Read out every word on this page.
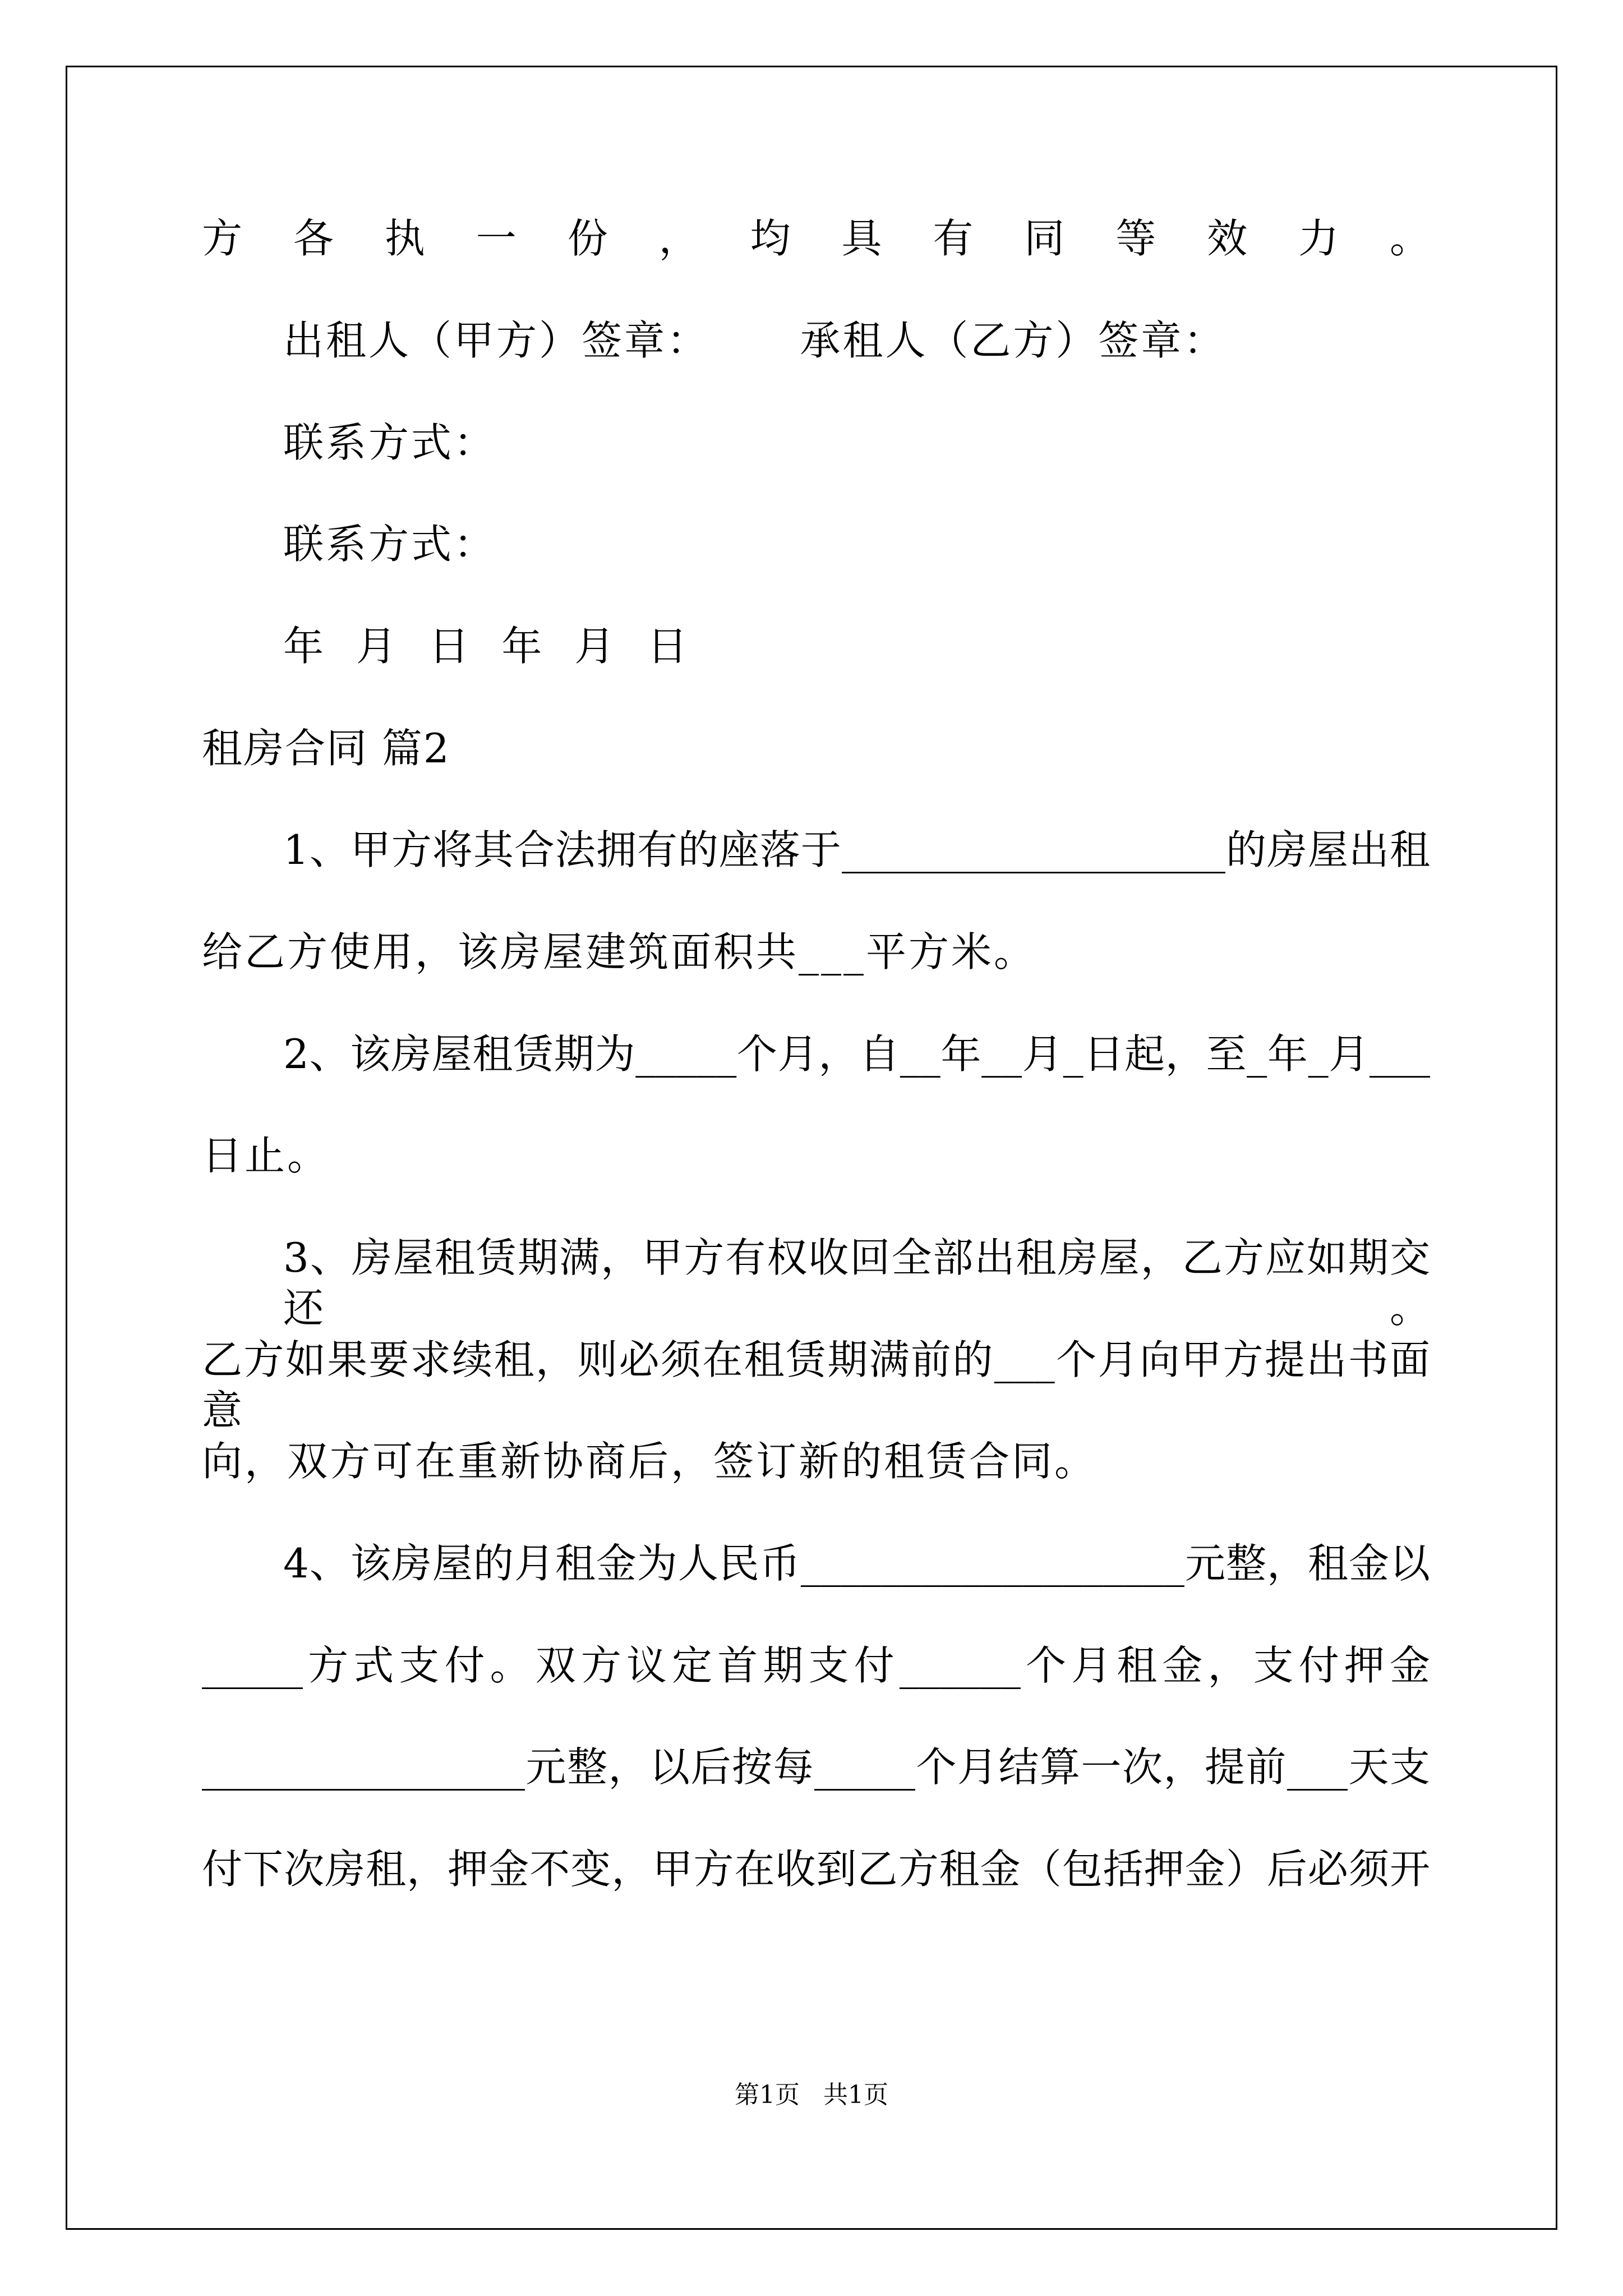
方各执一份，均具有同等效力。
出租人（甲方）签章： 承租人（乙方）签章：
联系方式：
联系方式：
年  月  日  年  月  日
租房合同 篇2
1、甲方将其合法拥有的座落于___________________的房屋出租
给乙方使用，该房屋建筑面积共___平方米。
2、该房屋租赁期为_____个月，自__年__月_日起，至_年_月___
日止。
3、房屋租赁期满，甲方有权收回全部出租房屋，乙方应如期交还。
乙方如果要求续租，则必须在租赁期满前的___个月向甲方提出书面意
向，双方可在重新协商后，签订新的租赁合同。
4、该房屋的月租金为人民币___________________元整，租金以
_____方式支付。双方议定首期支付______个月租金，支付押金
________________元整，以后按每_____个月结算一次，提前___天支
付下次房租，押金不变，甲方在收到乙方租金（包括押金）后必须开
第1页   共1页
